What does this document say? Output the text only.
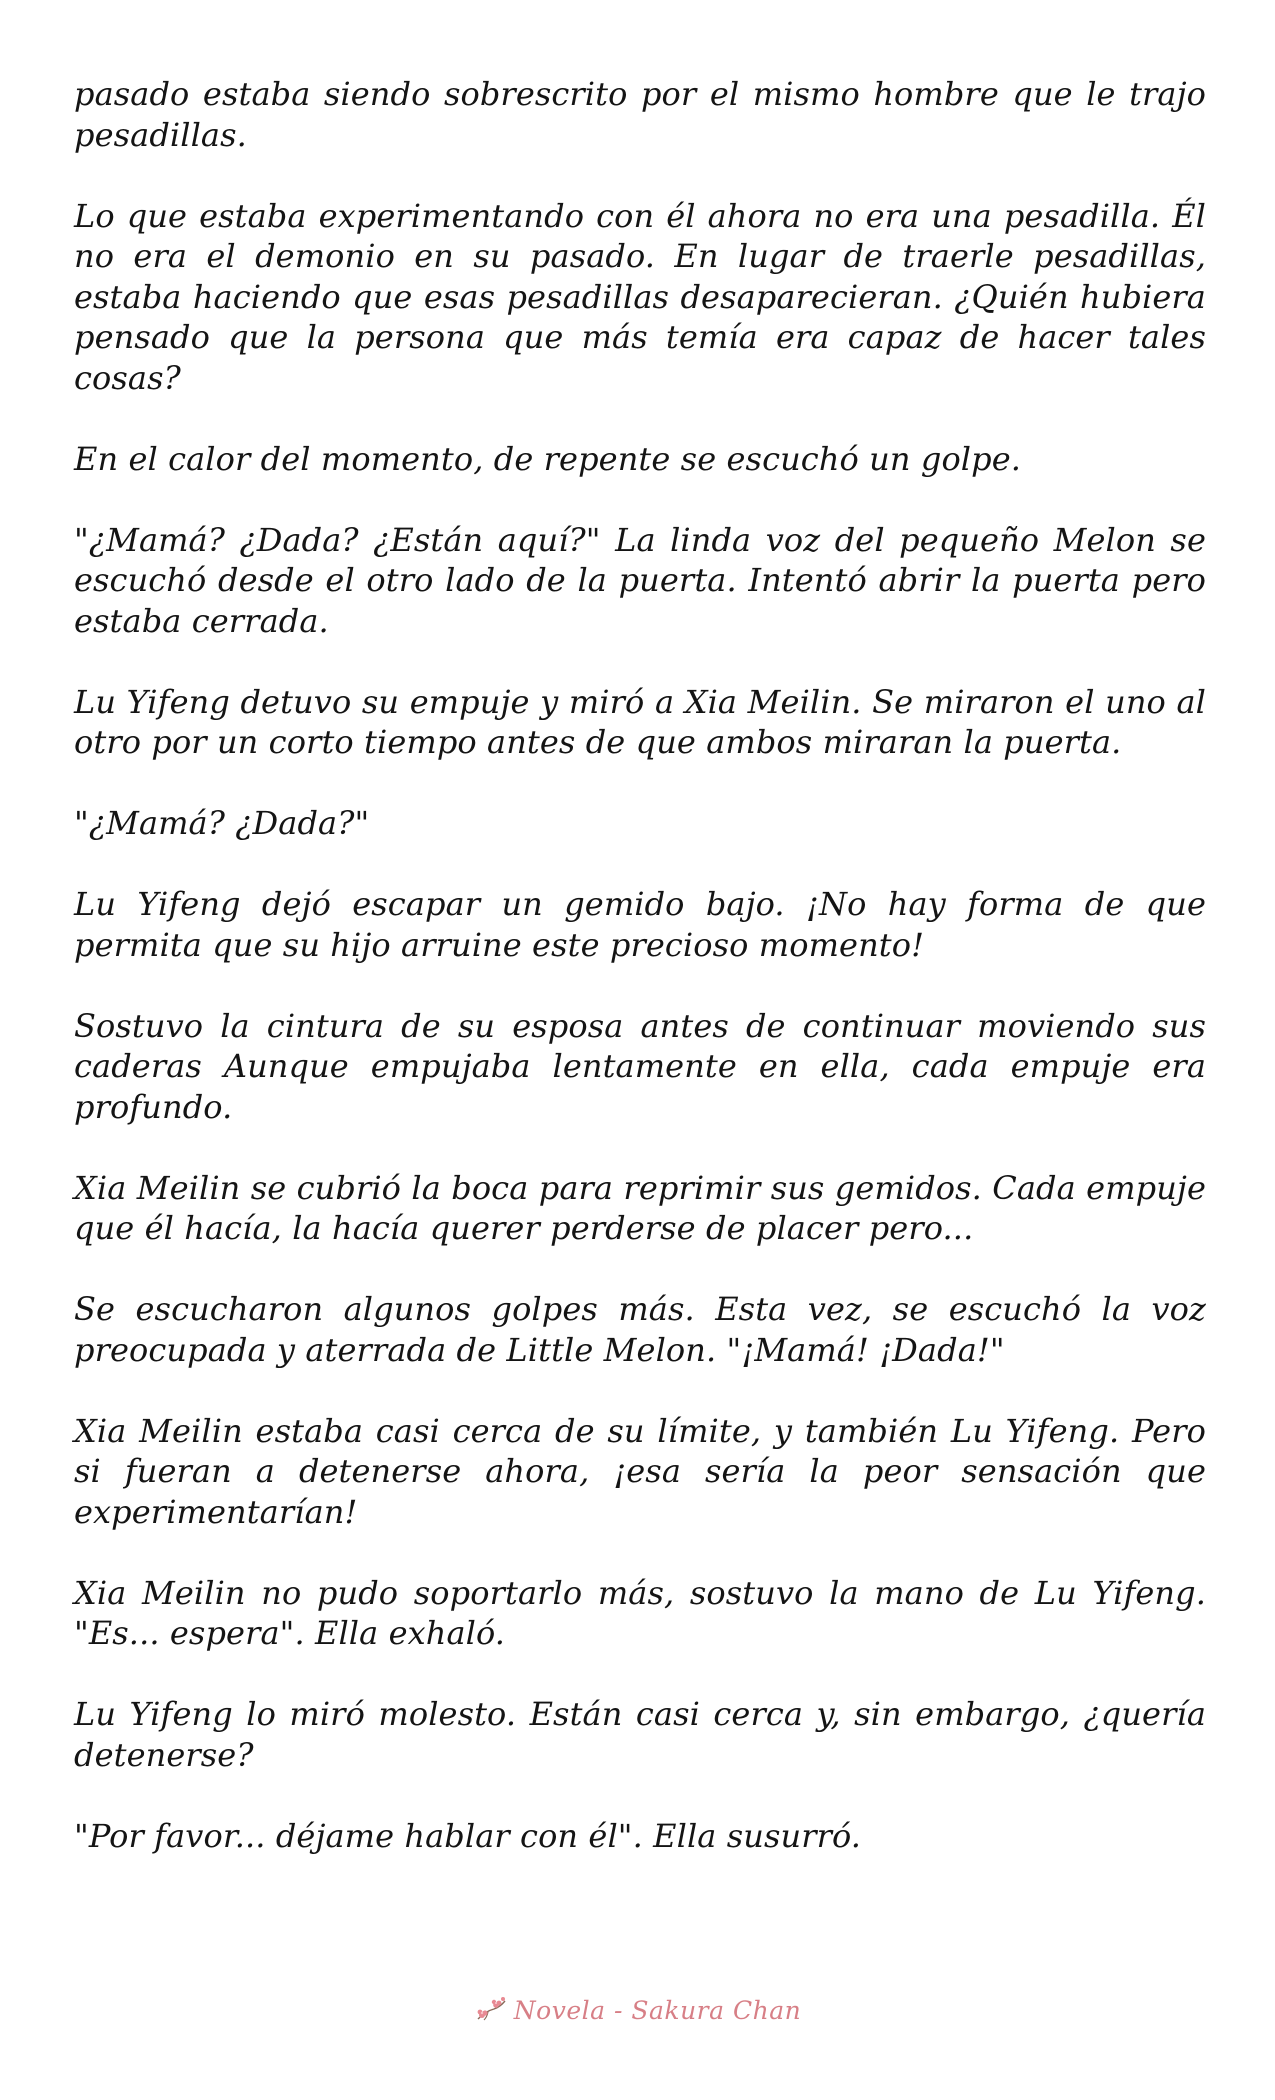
pasado estaba siendo sobrescrito por el mismo hombre que le trajo pesadillas.

Lo que estaba experimentando con él ahora no era una pesadilla. Él no era el demonio en su pasado. En lugar de traerle pesadillas, estaba haciendo que esas pesadillas desaparecieran. ¿Quién hubiera pensado que la persona que más temía era capaz de hacer tales cosas?

En el calor del momento, de repente se escuchó un golpe.

"¿Mamá? ¿Dada? ¿Están aquí?" La linda voz del pequeño Melon se escuchó desde el otro lado de la puerta. Intentó abrir la puerta pero estaba cerrada.

Lu Yifeng detuvo su empuje y miró a Xia Meilin. Se miraron el uno al otro por un corto tiempo antes de que ambos miraran la puerta.

"¿Mamá? ¿Dada?"

Lu Yifeng dejó escapar un gemido bajo. ¡No hay forma de que permita que su hijo arruine este precioso momento!

Sostuvo la cintura de su esposa antes de continuar moviendo sus caderas Aunque empujaba lentamente en ella, cada empuje era profundo.

Xia Meilin se cubrió la boca para reprimir sus gemidos. Cada empuje que él hacía, la hacía querer perderse de placer pero...

Se escucharon algunos golpes más. Esta vez, se escuchó la voz preocupada y aterrada de Little Melon. "¡Mamá! ¡Dada!"

Xia Meilin estaba casi cerca de su límite, y también Lu Yifeng. Pero si fueran a detenerse ahora, ¡esa sería la peor sensación que experimentarían!

Xia Meilin no pudo soportarlo más, sostuvo la mano de Lu Yifeng. "Es... espera". Ella exhaló.

Lu Yifeng lo miró molesto. Están casi cerca y, sin embargo, ¿quería detenerse?

"Por favor... déjame hablar con él". Ella susurró.

Novela - Sakura Chan
